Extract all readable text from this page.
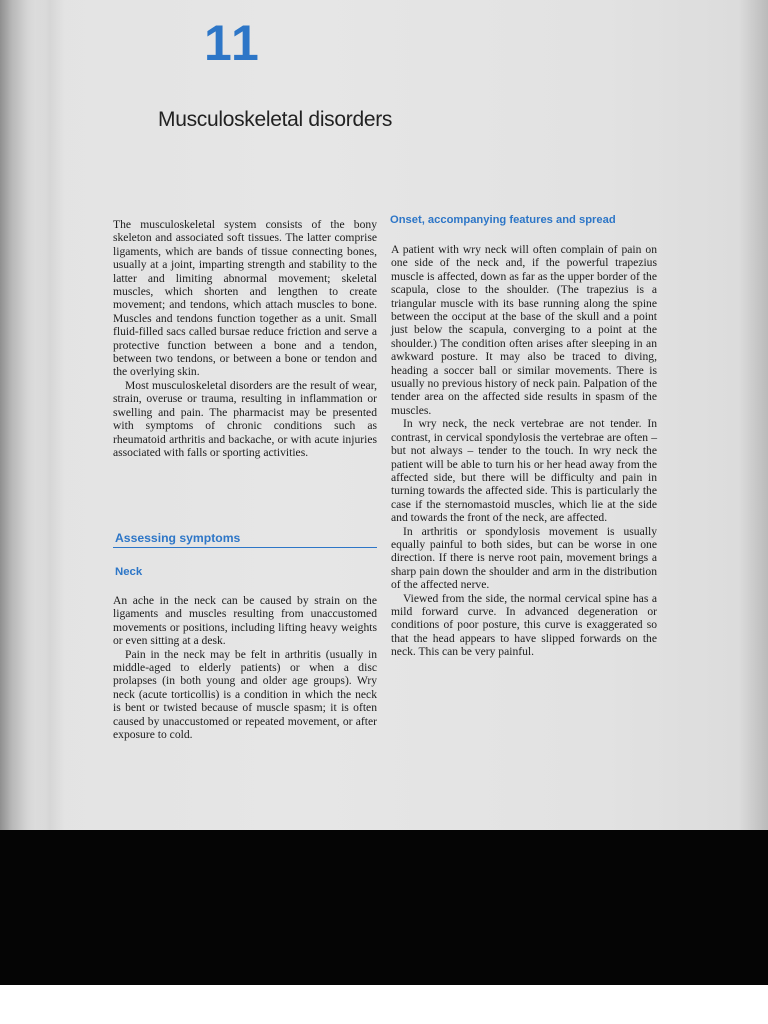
11
Musculoskeletal disorders

The musculoskeletal system consists of the bony skeleton and associated soft tissues. The latter comprise ligaments, which are bands of tissue connecting bones, usually at a joint, imparting strength and stability to the latter and limiting abnormal movement; skeletal muscles, which shorten and lengthen to create movement; and tendons, which attach muscles to bone. Muscles and tendons function together as a unit. Small fluid-filled sacs called bursae reduce friction and serve a protective function between a bone and a tendon, between two tendons, or between a bone or tendon and the overlying skin.

Most musculoskeletal disorders are the result of wear, strain, overuse or trauma, resulting in inflammation or swelling and pain. The pharmacist may be presented with symptoms of chronic conditions such as rheumatoid arthritis and backache, or with acute injuries associated with falls or sporting activities.

Assessing symptoms
Neck

An ache in the neck can be caused by strain on the ligaments and muscles resulting from unaccustomed movements or positions, including lifting heavy weights or even sitting at a desk.

Pain in the neck may be felt in arthritis (usually in middle-aged to elderly patients) or when a disc prolapses (in both young and older age groups). Wry neck (acute torticollis) is a condition in which the neck is bent or twisted because of muscle spasm; it is often caused by unaccustomed or repeated movement, or after exposure to cold.

Onset, accompanying features and spread

A patient with wry neck will often complain of pain on one side of the neck and, if the powerful trapezius muscle is affected, down as far as the upper border of the scapula, close to the shoulder. (The trapezius is a triangular muscle with its base running along the spine between the occiput at the base of the skull and a point just below the scapula, converging to a point at the shoulder.) The condition often arises after sleeping in an awkward posture. It may also be traced to diving, heading a soccer ball or similar movements. There is usually no previous history of neck pain. Palpation of the tender area on the affected side results in spasm of the muscles.

In wry neck, the neck vertebrae are not tender. In contrast, in cervical spondylosis the vertebrae are often – but not always – tender to the touch. In wry neck the patient will be able to turn his or her head away from the affected side, but there will be difficulty and pain in turning towards the affected side. This is particularly the case if the sternomastoid muscles, which lie at the side and towards the front of the neck, are affected.

In arthritis or spondylosis movement is usually equally painful to both sides, but can be worse in one direction. If there is nerve root pain, movement brings a sharp pain down the shoulder and arm in the distribution of the affected nerve.

Viewed from the side, the normal cervical spine has a mild forward curve. In advanced degeneration or conditions of poor posture, this curve is exaggerated so that the head appears to have slipped forwards on the neck. This can be very painful.
